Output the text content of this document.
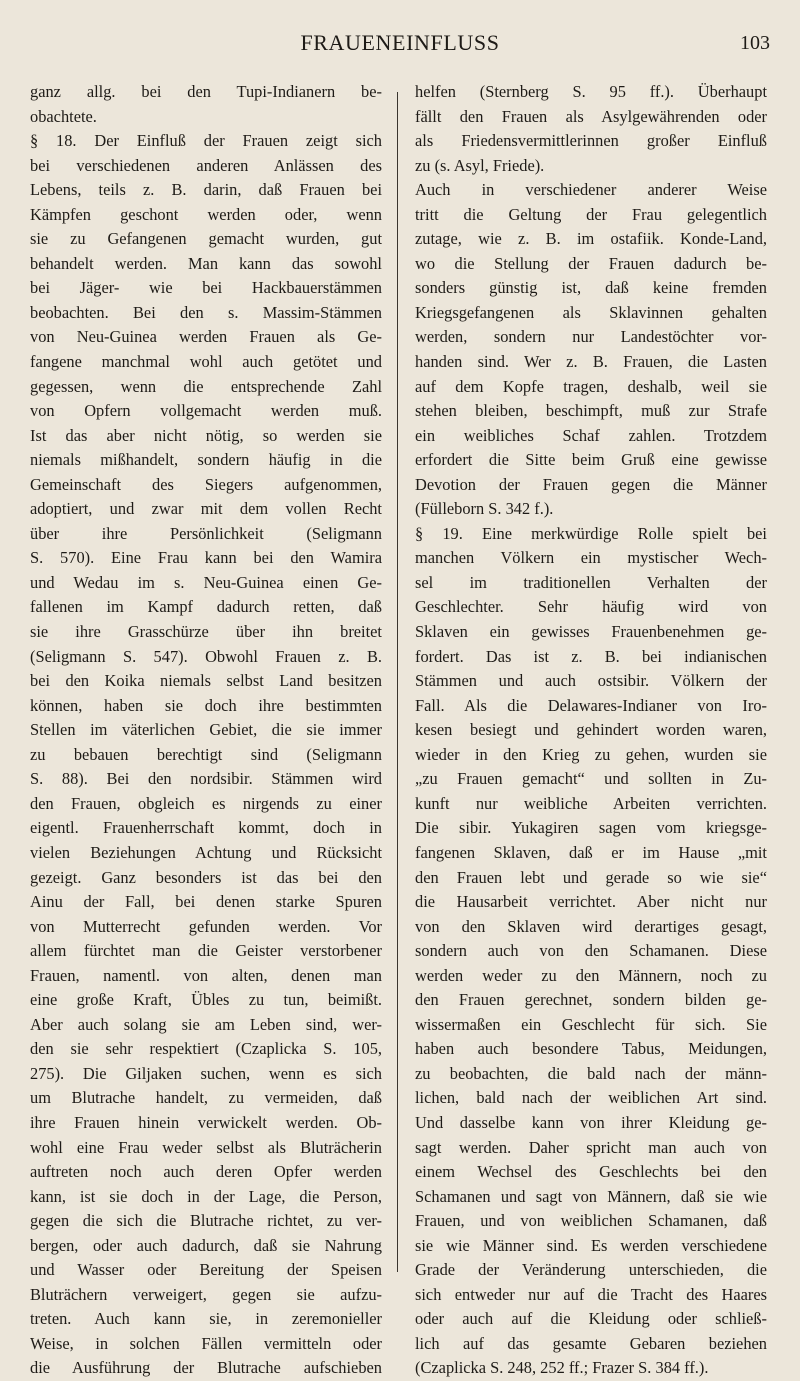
FRAUENEINFLUSS	103
ganz allg. bei den Tupi-Indianern be-
obachtete.
§ 18. Der Einfluß der Frauen zeigt sich
bei verschiedenen anderen Anlässen des
Lebens, teils z. B. darin, daß Frauen bei
Kämpfen geschont werden oder, wenn
sie zu Gefangenen gemacht wurden, gut
behandelt werden. Man kann das sowohl
bei Jäger- wie bei Hackbauerstämmen
beobachten. Bei den s. Massim-Stämmen
von Neu-Guinea werden Frauen als Ge-
fangene manchmal wohl auch getötet und
gegessen, wenn die entsprechende Zahl
von Opfern vollgemacht werden muß.
Ist das aber nicht nötig, so werden sie
niemals mißhandelt, sondern häufig in die
Gemeinschaft des Siegers aufgenommen,
adoptiert, und zwar mit dem vollen Recht
über ihre Persönlichkeit (Seligmann
S. 570). Eine Frau kann bei den Wamira
und Wedau im s. Neu-Guinea einen Ge-
fallenen im Kampf dadurch retten, daß
sie ihre Grasschürze über ihn breitet
(Seligmann S. 547). Obwohl Frauen z. B.
bei den Koika niemals selbst Land besitzen
können, haben sie doch ihre bestimmten
Stellen im väterlichen Gebiet, die sie immer
zu bebauen berechtigt sind (Seligmann
S. 88). Bei den nordsibir. Stämmen wird
den Frauen, obgleich es nirgends zu einer
eigentl. Frauenherrschaft kommt, doch in
vielen Beziehungen Achtung und Rücksicht
gezeigt. Ganz besonders ist das bei den
Ainu der Fall, bei denen starke Spuren
von Mutterrecht gefunden werden. Vor
allem fürchtet man die Geister verstorbener
Frauen, namentl. von alten, denen man
eine große Kraft, Übles zu tun, beimißt.
Aber auch solang sie am Leben sind, wer-
den sie sehr respektiert (Czaplicka S. 105,
275). Die Giljaken suchen, wenn es sich
um Blutrache handelt, zu vermeiden, daß
ihre Frauen hinein verwickelt werden. Ob-
wohl eine Frau weder selbst als Bluträcherin
auftreten noch auch deren Opfer werden
kann, ist sie doch in der Lage, die Person,
gegen die sich die Blutrache richtet, zu ver-
bergen, oder auch dadurch, daß sie Nahrung
und Wasser oder Bereitung der Speisen
Bluträchern verweigert, gegen sie aufzu-
treten. Auch kann sie, in zeremonieller
Weise, in solchen Fällen vermitteln oder
die Ausführung der Blutrache aufschieben
helfen (Sternberg S. 95 ff.). Überhaupt
fällt den Frauen als Asylgewährenden oder
als Friedensvermittlerinnen großer Einfluß
zu (s. Asyl, Friede).
Auch in verschiedener anderer Weise
tritt die Geltung der Frau gelegentlich
zutage, wie z. B. im ostafiik. Konde-Land,
wo die Stellung der Frauen dadurch be-
sonders günstig ist, daß keine fremden
Kriegsgefangenen als Sklavinnen gehalten
werden, sondern nur Landestöchter vor-
handen sind. Wer z. B. Frauen, die Lasten
auf dem Kopfe tragen, deshalb, weil sie
stehen bleiben, beschimpft, muß zur Strafe
ein weibliches Schaf zahlen. Trotzdem
erfordert die Sitte beim Gruß eine gewisse
Devotion der Frauen gegen die Männer
(Fülleborn S. 342 f.).
§ 19. Eine merkwürdige Rolle spielt bei
manchen Völkern ein mystischer Wech-
sel im traditionellen Verhalten der
Geschlechter. Sehr häufig wird von
Sklaven ein gewisses Frauenbenehmen ge-
fordert. Das ist z. B. bei indianischen
Stämmen und auch ostsibir. Völkern der
Fall. Als die Delawares-Indianer von Iro-
kesen besiegt und gehindert worden waren,
wieder in den Krieg zu gehen, wurden sie
„zu Frauen gemacht“ und sollten in Zu-
kunft nur weibliche Arbeiten verrichten.
Die sibir. Yukagiren sagen vom kriegsge-
fangenen Sklaven, daß er im Hause „mit
den Frauen lebt und gerade so wie sie“
die Hausarbeit verrichtet. Aber nicht nur
von den Sklaven wird derartiges gesagt,
sondern auch von den Schamanen. Diese
werden weder zu den Männern, noch zu
den Frauen gerechnet, sondern bilden ge-
wissermaßen ein Geschlecht für sich. Sie
haben auch besondere Tabus, Meidungen,
zu beobachten, die bald nach der männ-
lichen, bald nach der weiblichen Art sind.
Und dasselbe kann von ihrer Kleidung ge-
sagt werden. Daher spricht man auch von
einem Wechsel des Geschlechts bei den
Schamanen und sagt von Männern, daß sie wie
Frauen, und von weiblichen Schamanen, daß
sie wie Männer sind. Es werden verschiedene
Grade der Veränderung unterschieden, die
sich entweder nur auf die Tracht des Haares
oder auch auf die Kleidung oder schließ-
lich auf das gesamte Gebaren beziehen
(Czaplicka S. 248, 252 ff.; Frazer S. 384 ff.).
